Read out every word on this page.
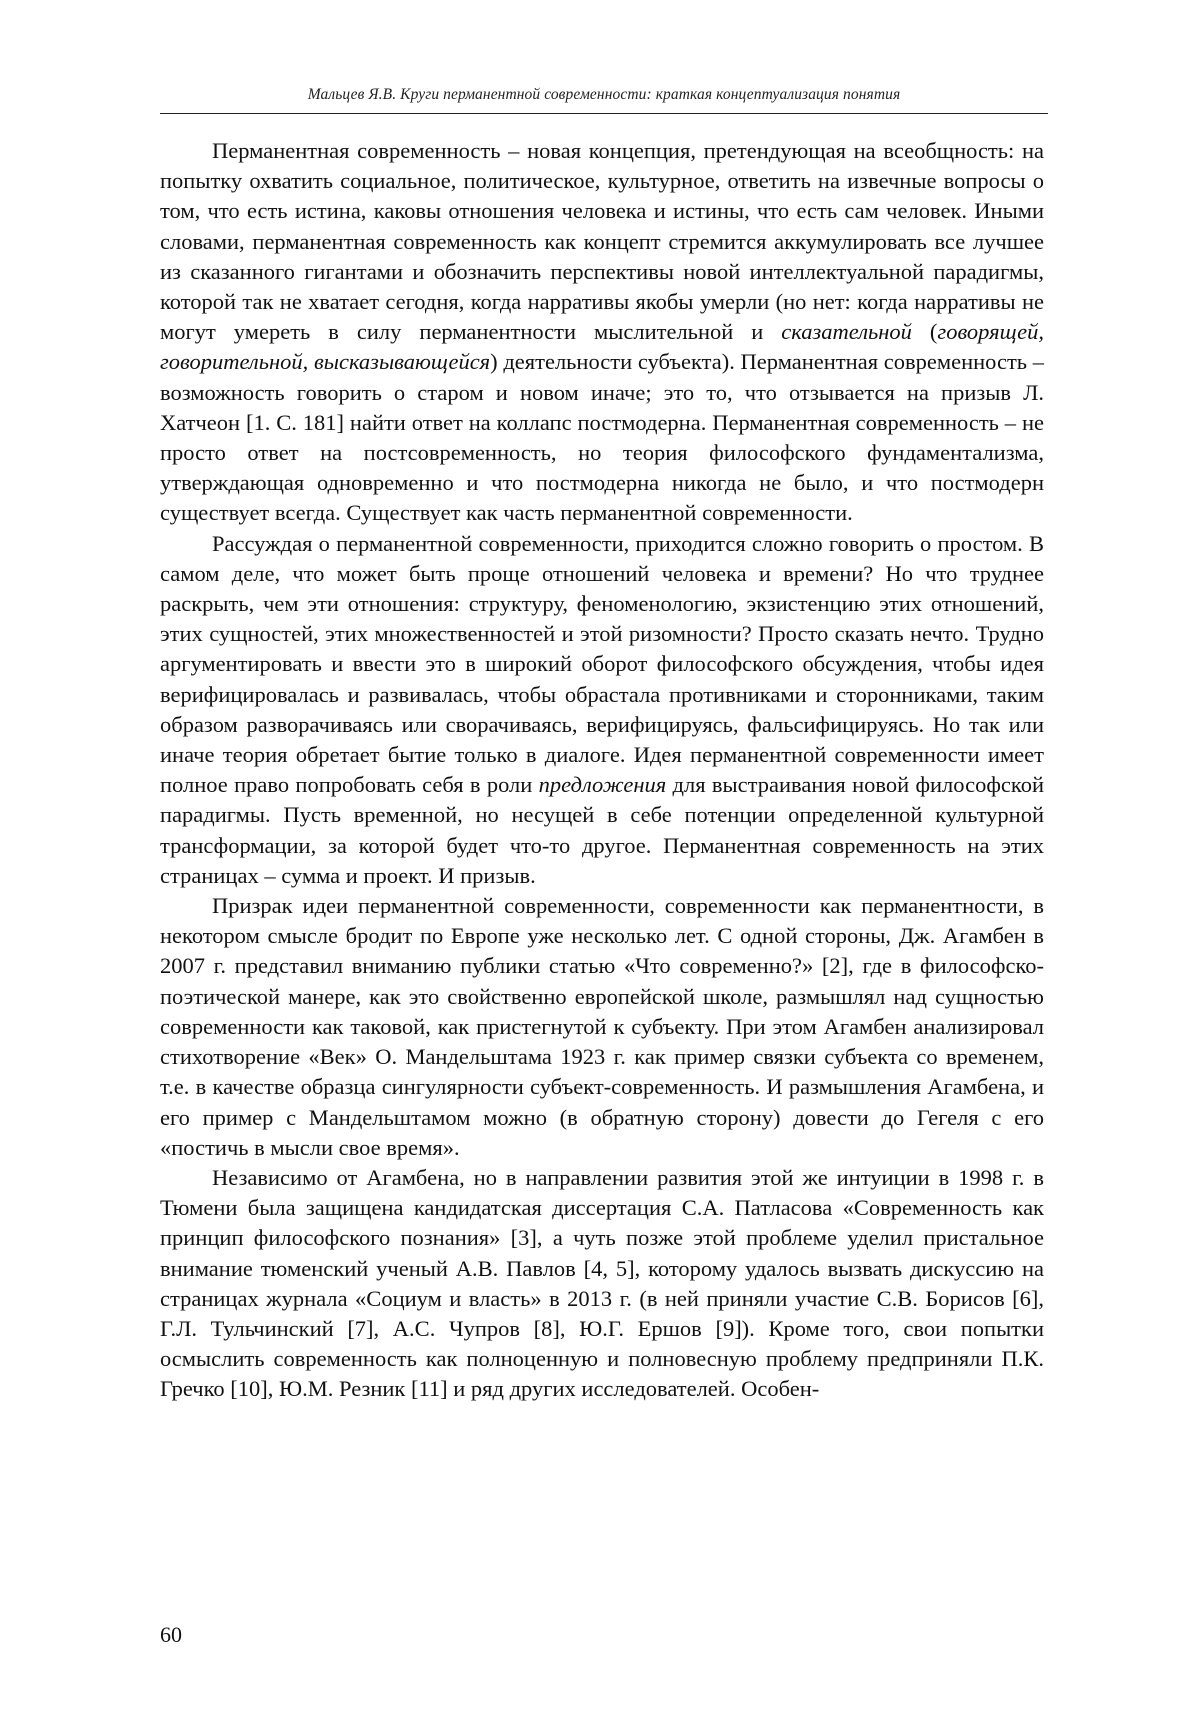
Мальцев Я.В. Круги перманентной современности: краткая концептуализация понятия

Перманентная современность – новая концепция, претендующая на всеобщность: на попытку охватить социальное, политическое, культурное, ответить на извечные вопросы о том, что есть истина, каковы отношения человека и истины, что есть сам человек. Иными словами, перманентная современность как концепт стремится аккумулировать все лучшее из сказанного гигантами и обозначить перспективы новой интеллектуальной парадигмы, которой так не хватает сегодня, когда нарративы якобы умерли (но нет: когда нарративы не могут умереть в силу перманентности мыслительной и сказательной (говорящей, говорительной, высказывающейся) деятельности субъекта). Перманентная современность – возможность говорить о старом и новом иначе; это то, что отзывается на призыв Л. Хатчеон [1. С. 181] найти ответ на коллапс постмодерна. Перманентная современность – не просто ответ на постсовременность, но теория философского фундаментализма, утверждающая одновременно и что постмодерна никогда не было, и что постмодерн существует всегда. Существует как часть перманентной современности.

Рассуждая о перманентной современности, приходится сложно говорить о простом. В самом деле, что может быть проще отношений человека и времени? Но что труднее раскрыть, чем эти отношения: структуру, феноменологию, экзистенцию этих отношений, этих сущностей, этих множественностей и этой ризомности? Просто сказать нечто. Трудно аргументировать и ввести это в широкий оборот философского обсуждения, чтобы идея верифицировалась и развивалась, чтобы обрастала противниками и сторонниками, таким образом разворачиваясь или сворачиваясь, верифицируясь, фальсифицируясь. Но так или иначе теория обретает бытие только в диалоге. Идея перманентной современности имеет полное право попробовать себя в роли предложения для выстраивания новой философской парадигмы. Пусть временной, но несущей в себе потенции определенной культурной трансформации, за которой будет что-то другое. Перманентная современность на этих страницах – сумма и проект. И призыв.

Призрак идеи перманентной современности, современности как перманентности, в некотором смысле бродит по Европе уже несколько лет. С одной стороны, Дж. Агамбен в 2007 г. представил вниманию публики статью «Что современно?» [2], где в философско-поэтической манере, как это свойственно европейской школе, размышлял над сущностью современности как таковой, как пристегнутой к субъекту. При этом Агамбен анализировал стихотворение «Век» О. Мандельштама 1923 г. как пример связки субъекта со временем, т.е. в качестве образца сингулярности субъект-современность. И размышления Агамбена, и его пример с Мандельштамом можно (в обратную сторону) довести до Гегеля с его «постичь в мысли свое время».

Независимо от Агамбена, но в направлении развития этой же интуиции в 1998 г. в Тюмени была защищена кандидатская диссертация С.А. Патласова «Современность как принцип философского познания» [3], а чуть позже этой проблеме уделил пристальное внимание тюменский ученый А.В. Павлов [4, 5], которому удалось вызвать дискуссию на страницах журнала «Социум и власть» в 2013 г. (в ней приняли участие С.В. Борисов [6], Г.Л. Тульчинский [7], А.С. Чупров [8], Ю.Г. Ершов [9]). Кроме того, свои попытки осмыслить современность как полноценную и полновесную проблему предприняли П.К. Гречко [10], Ю.М. Резник [11] и ряд других исследователей. Особен-

60
